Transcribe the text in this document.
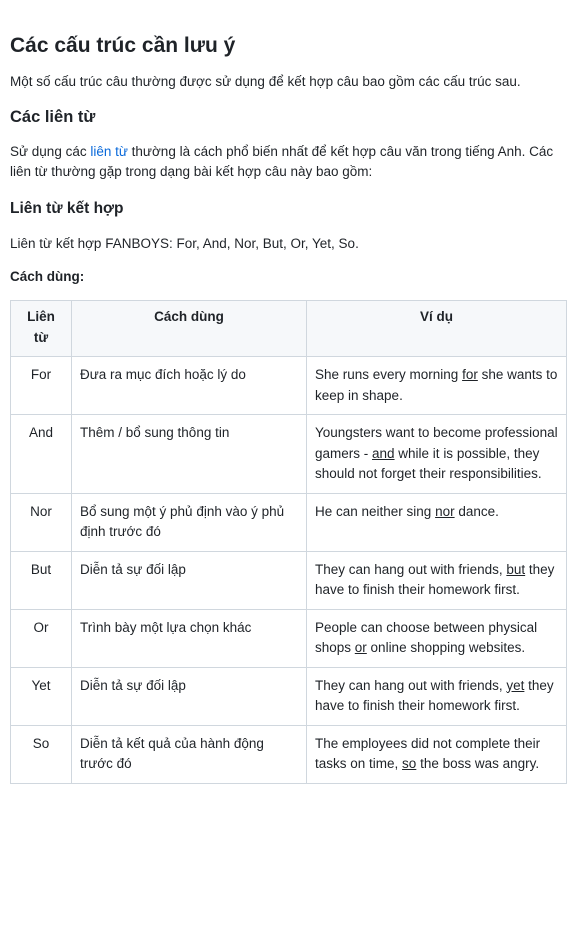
Các cấu trúc cần lưu ý

Một số cấu trúc câu thường được sử dụng để kết hợp câu bao gồm các cấu trúc sau.

Các liên từ

Sử dụng các liên từ thường là cách phổ biến nhất để kết hợp câu văn trong tiếng Anh. Các liên từ thường gặp trong dạng bài kết hợp câu này bao gồm:

Liên từ kết hợp

Liên từ kết hợp FANBOYS: For, And, Nor, But, Or, Yet, So.

Cách dùng:

Liên từ	Cách dùng	Ví dụ
For	Đưa ra mục đích hoặc lý do	She runs every morning for she wants to keep in shape.
And	Thêm / bổ sung thông tin	Youngsters want to become professional gamers - and while it is possible, they should not forget their responsibilities.
Nor	Bổ sung một ý phủ định vào ý phủ định trước đó	He can neither sing nor dance.
But	Diễn tả sự đối lập	They can hang out with friends, but they have to finish their homework first.
Or	Trình bày một lựa chọn khác	People can choose between physical shops or online shopping websites.
Yet	Diễn tả sự đối lập	They can hang out with friends, yet they have to finish their homework first.
So	Diễn tả kết quả của hành động trước đó	The employees did not complete their tasks on time, so the boss was angry.
